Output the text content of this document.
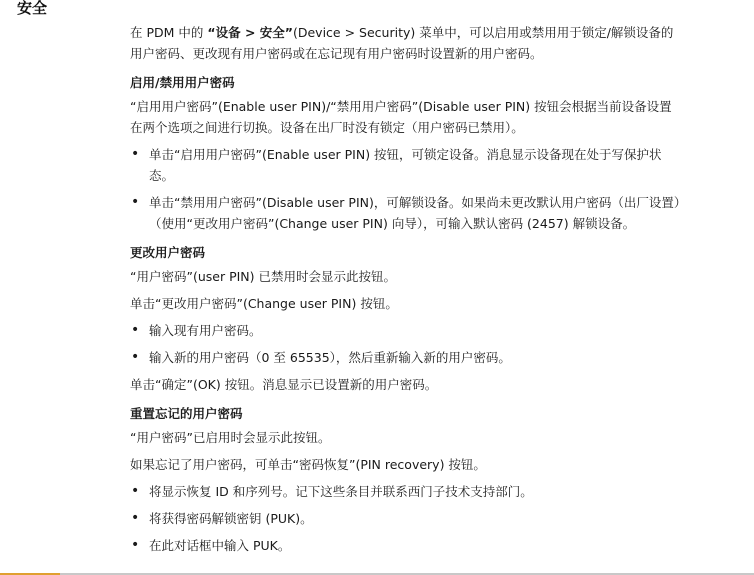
安全

在 PDM 中的 “设备 > 安全”(Device > Security) 菜单中，可以启用或禁用用于锁定/解锁设备的用户密码、更改现有用户密码或在忘记现有用户密码时设置新的用户密码。

启用/禁用用户密码

“启用用户密码”(Enable user PIN)/“禁用用户密码”(Disable user PIN) 按钮会根据当前设备设置在两个选项之间进行切换。设备在出厂时没有锁定（用户密码已禁用）。

• 单击“启用用户密码”(Enable user PIN) 按钮，可锁定设备。消息显示设备现在处于写保护状态。
• 单击“禁用用户密码”(Disable user PIN)，可解锁设备。如果尚未更改默认用户密码（出厂设置）（使用“更改用户密码”(Change user PIN) 向导），可输入默认密码 (2457) 解锁设备。
更改用户密码

“用户密码”(user PIN) 已禁用时会显示此按钮。

单击“更改用户密码”(Change user PIN) 按钮。

• 输入现有用户密码。
• 输入新的用户密码（0 至 65535），然后重新输入新的用户密码。

单击“确定”(OK) 按钮。消息显示已设置新的用户密码。

重置忘记的用户密码

“用户密码”已启用时会显示此按钮。

如果忘记了用户密码，可单击“密码恢复”(PIN recovery) 按钮。

• 将显示恢复 ID 和序列号。记下这些条目并联系西门子技术支持部门。
• 将获得密码解锁密钥 (PUK)。
• 在此对话框中输入 PUK。
